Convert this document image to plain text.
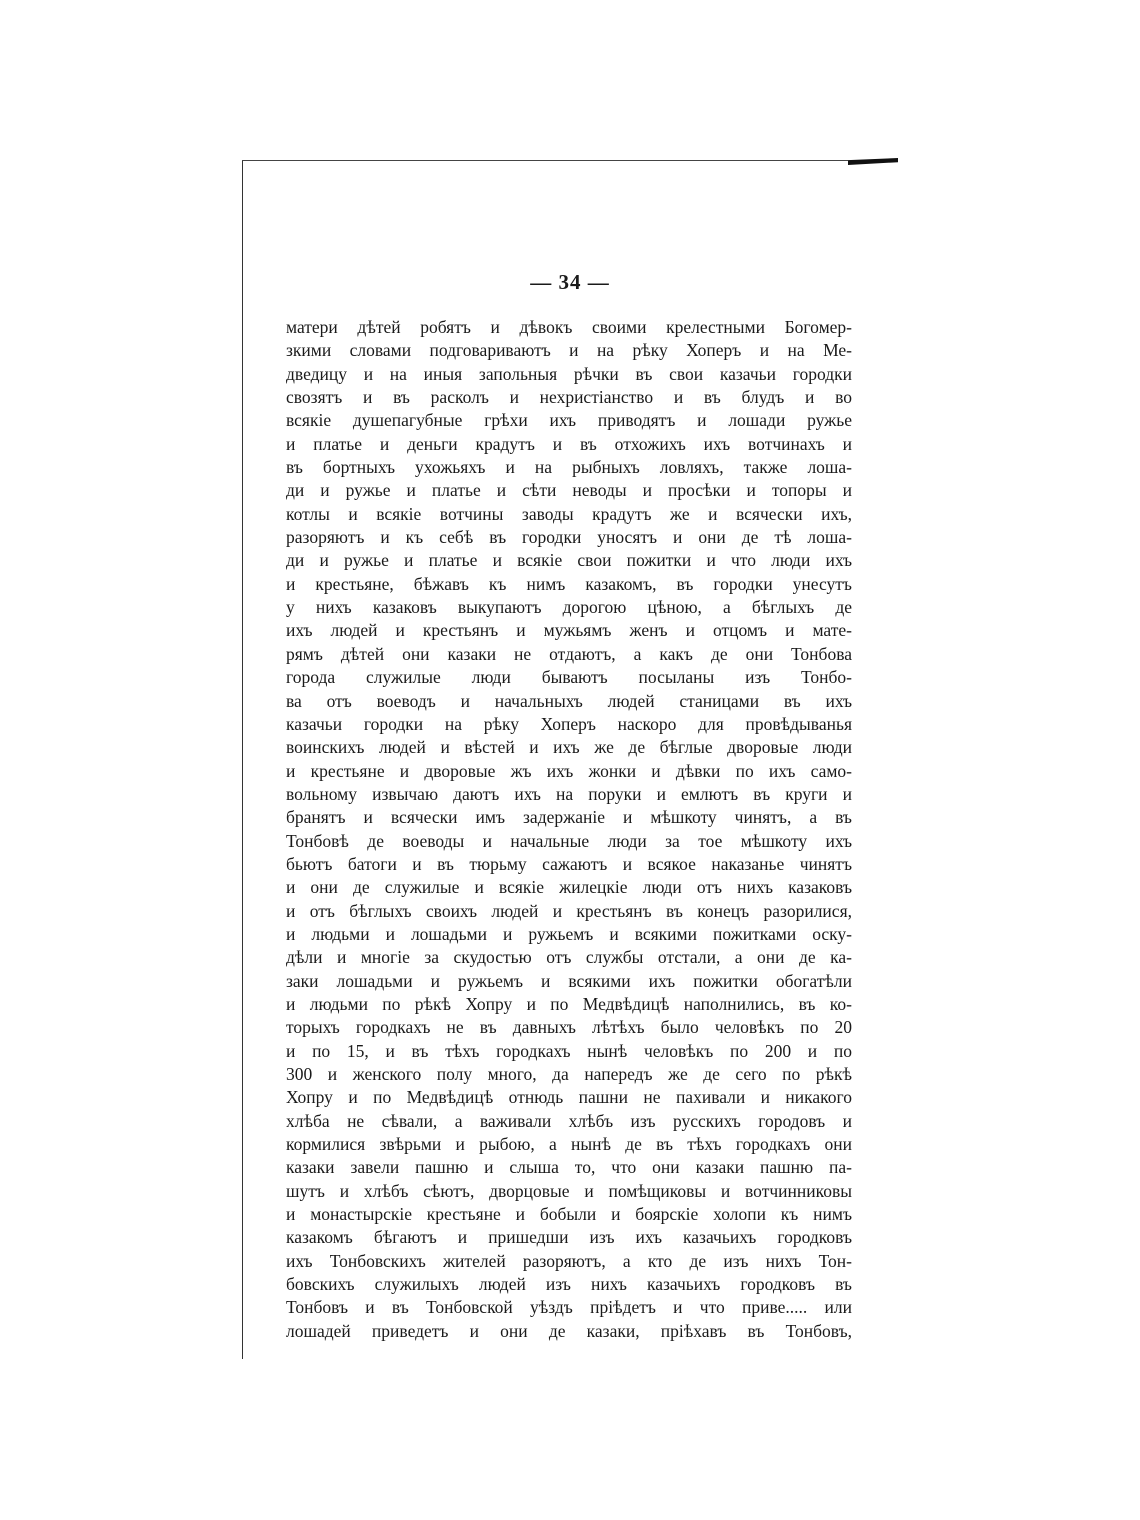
— 34 —
матери дѣтей робятъ и дѣвокъ своими крелестными Богомер-
зкими словами подговариваютъ и на рѣку Хоперъ и на Ме-
дведицу и на иныя запольныя рѣчки въ свои казачьи городки
свозятъ и въ расколъ и нехристіанство и въ блудъ и во
всякіе душепагубные грѣхи ихъ приводятъ и лошади ружье
и платье и деньги крадутъ и въ отхожихъ ихъ вотчинахъ и
въ бортныхъ ухожьяхъ и на рыбныхъ ловляхъ, также лоша-
ди и ружье и платье и сѣти неводы и просѣки и топоры и
котлы и всякіе вотчины заводы крадутъ же и всячески ихъ,
разоряютъ и къ себѣ въ городки уносятъ и они де тѣ лоша-
ди и ружье и платье и всякіе свои пожитки и что люди ихъ
и крестьяне, бѣжавъ къ нимъ казакомъ, въ городки унесутъ
у нихъ казаковъ выкупаютъ дорогою цѣною, а бѣглыхъ де
ихъ людей и крестьянъ и мужьямъ женъ и отцомъ и мате-
рямъ дѣтей они казаки не отдаютъ, а какъ де они Тонбова
города служилые люди бываютъ посыланы изъ Тонбо-
ва отъ воеводъ и начальныхъ людей станицами въ ихъ
казачьи городки на рѣку Хоперъ наскоро для провѣдыванья
воинскихъ людей и вѣстей и ихъ же де бѣглые дворовые люди
и крестьяне и дворовые жъ ихъ жонки и дѣвки по ихъ само-
вольному извычаю даютъ ихъ на поруки и емлютъ въ круги и
бранятъ и всячески имъ задержаніе и мѣшкоту чинятъ, а въ
Тонбовѣ де воеводы и начальные люди за тое мѣшкоту ихъ
бьютъ батоги и въ тюрьму сажаютъ и всякое наказанье чинятъ
и они де служилые и всякіе жилецкіе люди отъ нихъ казаковъ
и отъ бѣглыхъ своихъ людей и крестьянъ въ конецъ разорилися,
и людьми и лошадьми и ружьемъ и всякими пожитками оску-
дѣли и многіе за скудостью отъ службы отстали, а они де ка-
заки лошадьми и ружьемъ и всякими ихъ пожитки обогатѣли
и людьми по рѣкѣ Хопру и по Медвѣдицѣ наполнились, въ ко-
торыхъ городкахъ не въ давныхъ лѣтѣхъ было человѣкъ по 20
и по 15, и въ тѣхъ городкахъ нынѣ человѣкъ по 200 и по
300 и женского полу много, да напередъ же де сего по рѣкѣ
Хопру и по Медвѣдицѣ отнюдь пашни не пахивали и никакого
хлѣба не сѣвали, а важивали хлѣбъ изъ русскихъ городовъ и
кормилися звѣрьми и рыбою, а нынѣ де въ тѣхъ городкахъ они
казаки завели пашню и слыша то, что они казаки пашню па-
шутъ и хлѣбъ сѣютъ, дворцовые и помѣщиковы и вотчинниковы
и монастырскіе крестьяне и бобыли и боярскіе холопи къ нимъ
казакомъ бѣгаютъ и пришедши изъ ихъ казачьихъ городковъ
ихъ Тонбовскихъ жителей разоряютъ, а кто де изъ нихъ Тон-
бовскихъ служилыхъ людей изъ нихъ казачьихъ городковъ въ
Тонбовъ и въ Тонбовской уѣздъ пріѣдетъ и что приве..... или
лошадей приведетъ и они де казаки, пріѣхавъ въ Тонбовъ,
